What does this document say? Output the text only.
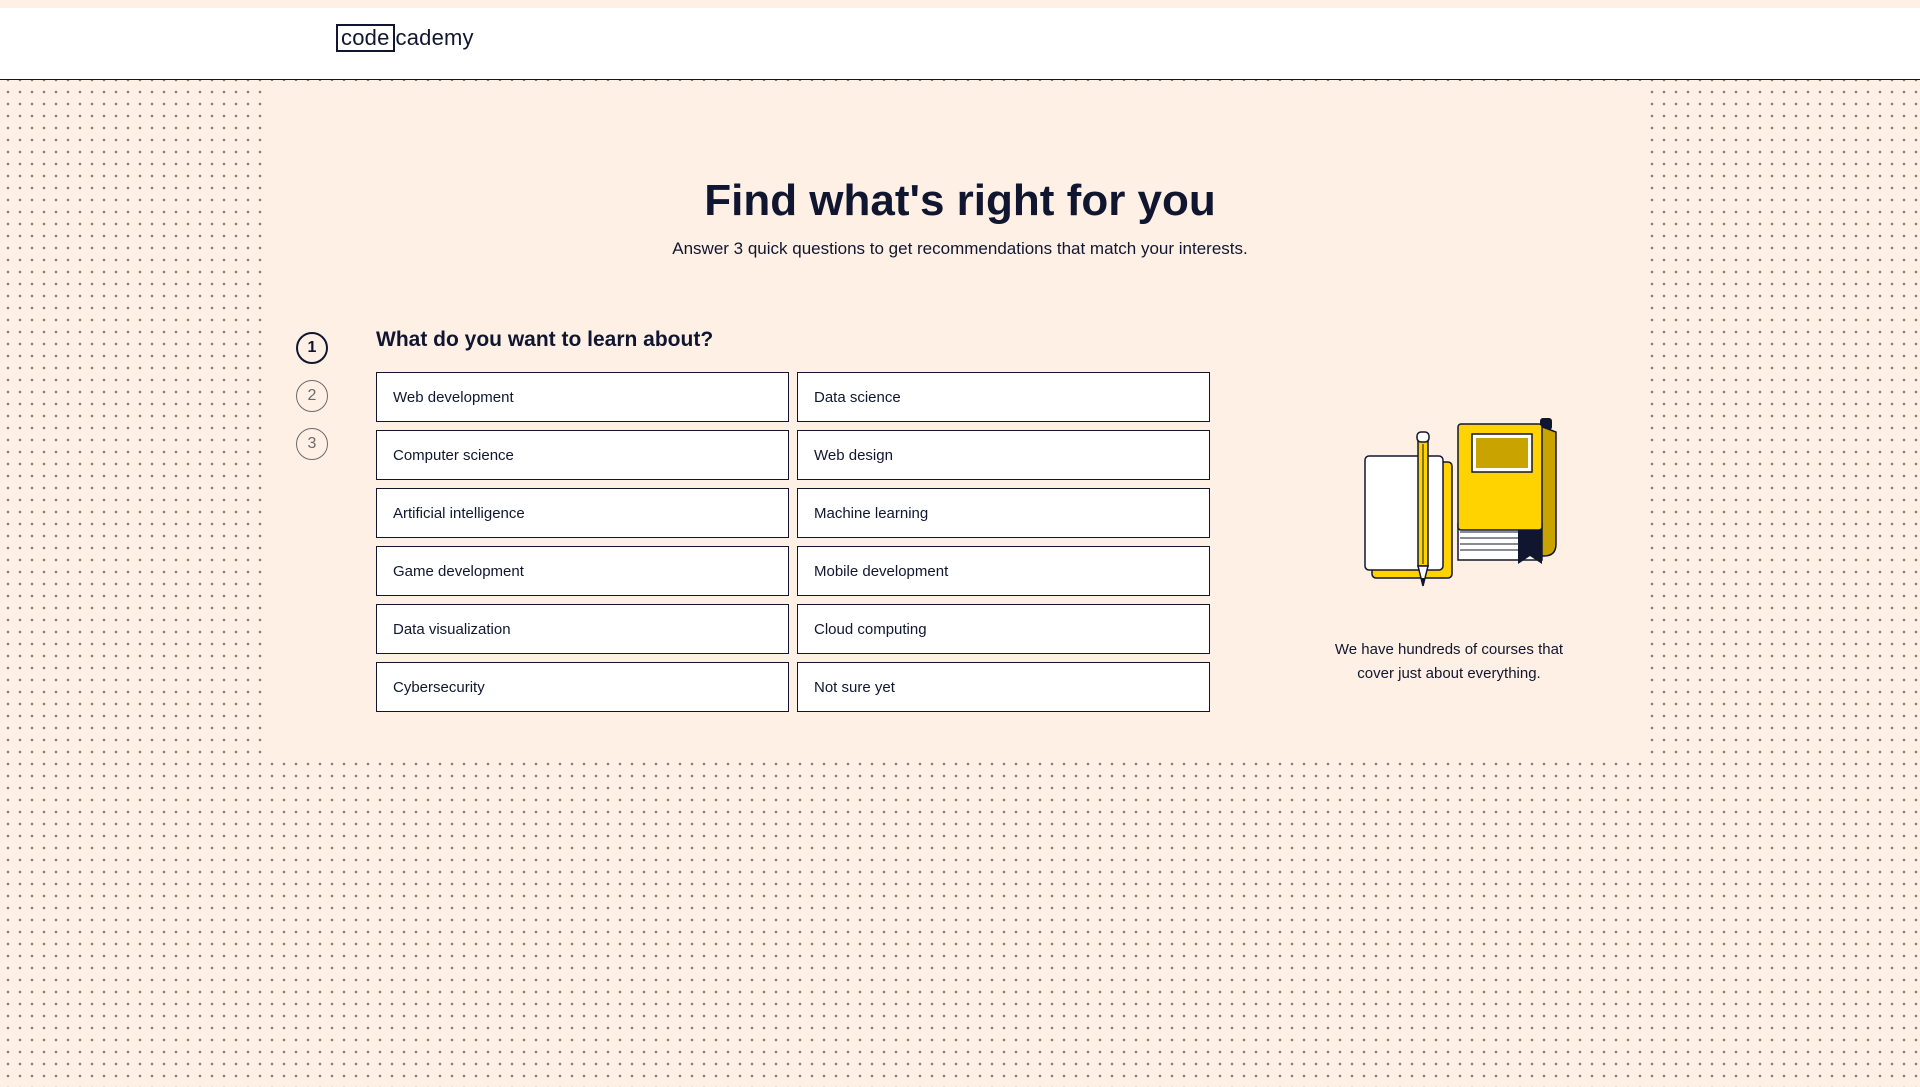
code cademy
Find what's right for you

Answer 3 quick questions to get recommendations that match your interests.

1
2
3
What do you want to learn about?
Web development	Data science
Computer science	Web design
Artificial intelligence	Machine learning
Game development	Mobile development
Data visualization	Cloud computing
Cybersecurity	Not sure yet

We have hundreds of courses that cover just about everything.
